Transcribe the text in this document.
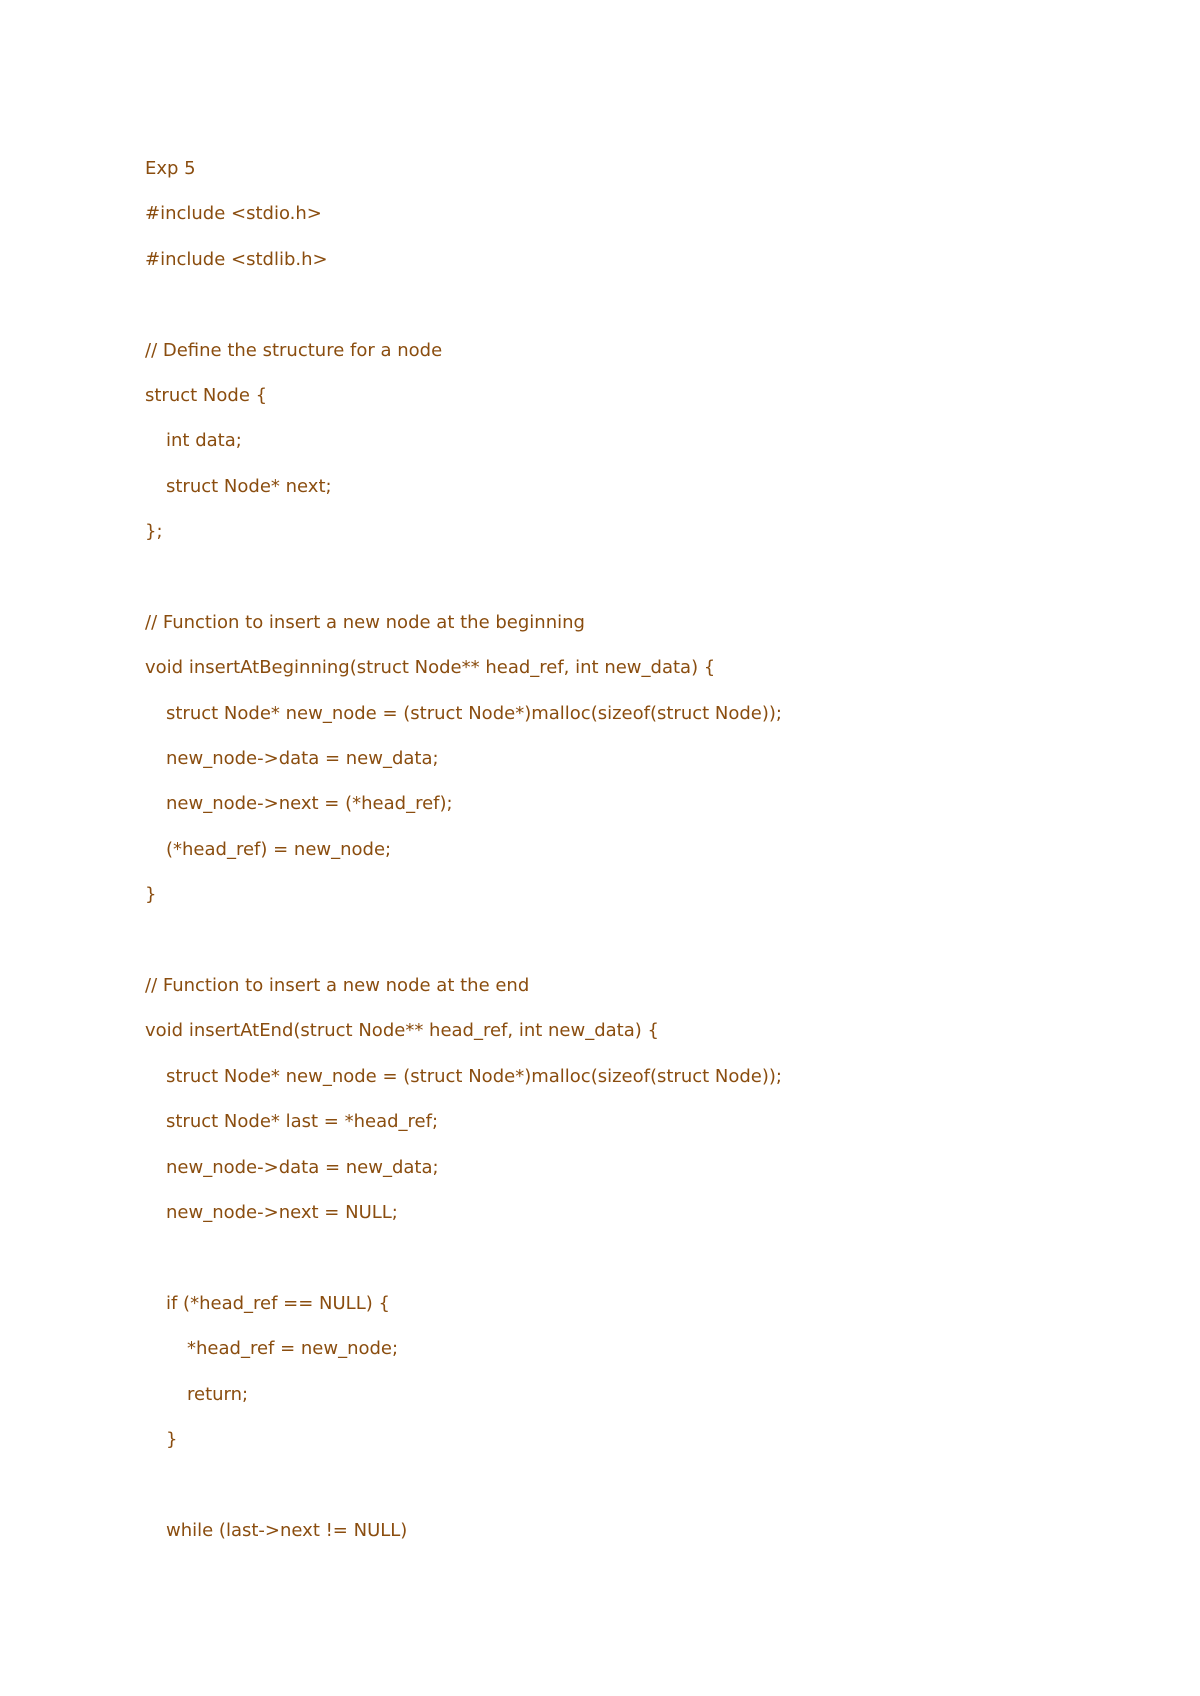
Exp 5
#include <stdio.h>
#include <stdlib.h>
// Define the structure for a node
struct Node {
int data;
struct Node* next;
};
// Function to insert a new node at the beginning
void insertAtBeginning(struct Node** head_ref, int new_data) {
struct Node* new_node = (struct Node*)malloc(sizeof(struct Node));
new_node->data = new_data;
new_node->next = (*head_ref);
(*head_ref) = new_node;
}
// Function to insert a new node at the end
void insertAtEnd(struct Node** head_ref, int new_data) {
struct Node* new_node = (struct Node*)malloc(sizeof(struct Node));
struct Node* last = *head_ref;
new_node->data = new_data;
new_node->next = NULL;
if (*head_ref == NULL) {
*head_ref = new_node;
return;
}
while (last->next != NULL)
